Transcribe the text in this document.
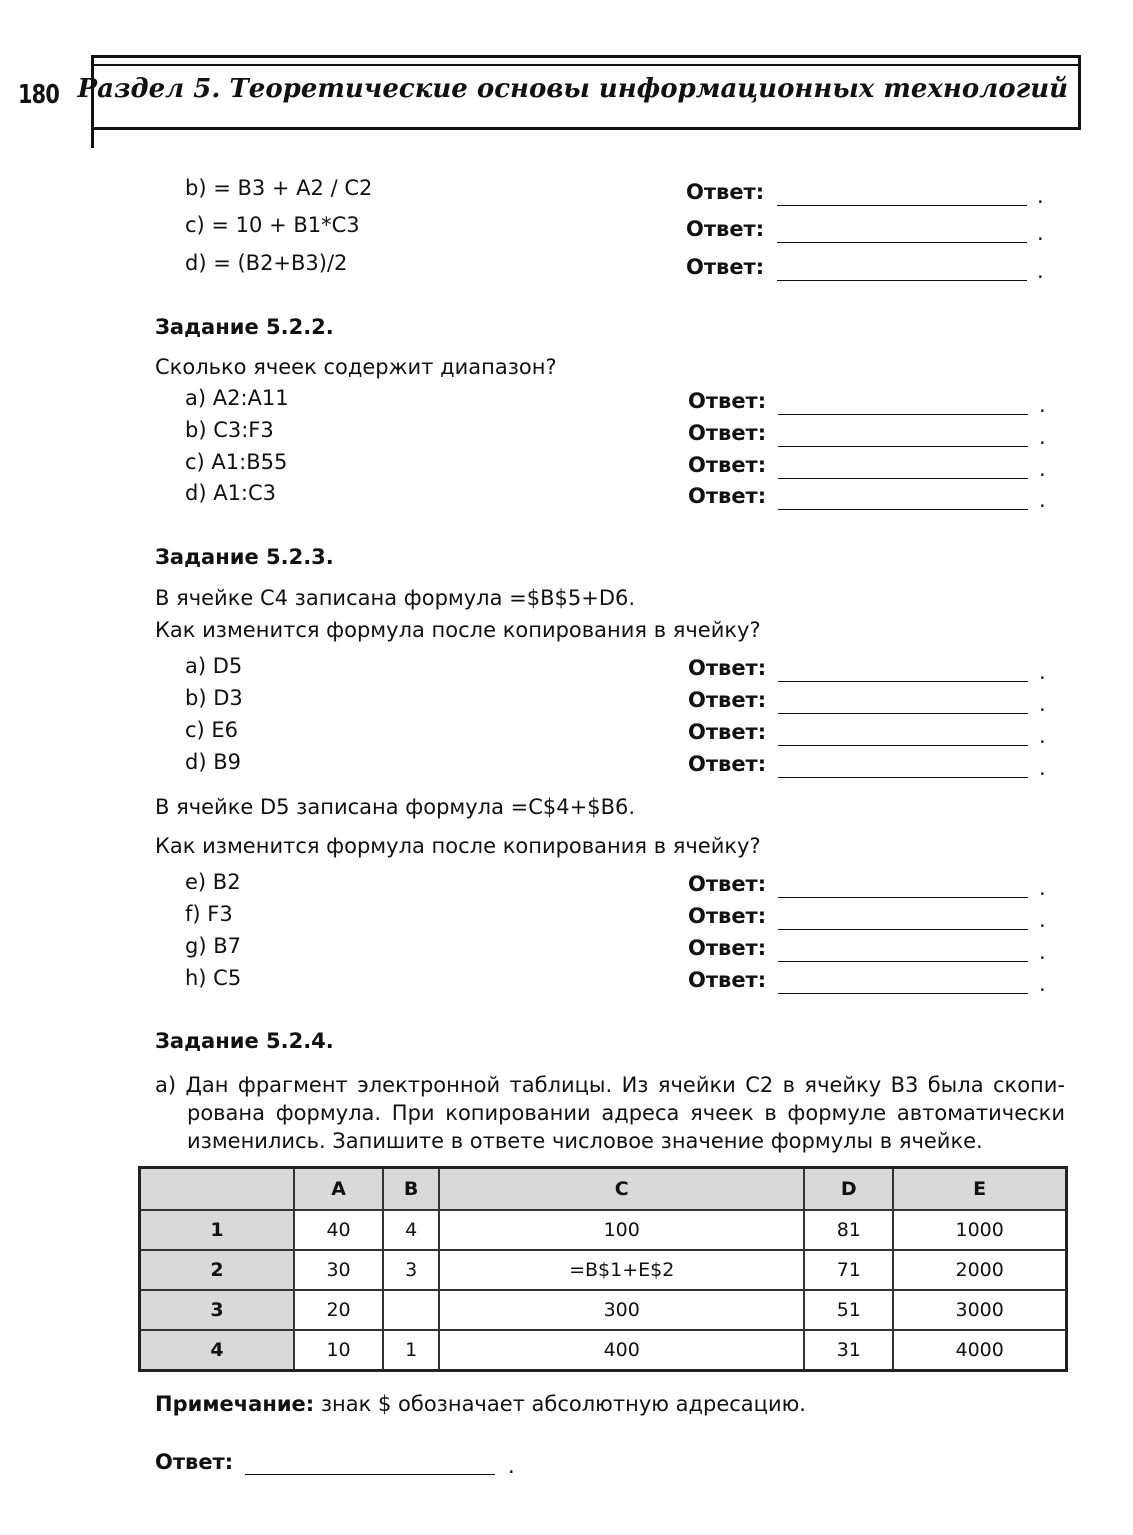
180 Раздел 5. Теоретические основы информационных технологий
b) = B3 + A2 / C2	Ответ:	.
c) = 10 + B1*C3	Ответ:	.
d) = (B2+B3)/2	Ответ:	.
Задание 5.2.2.
Сколько ячеек содержит диапазон?
a) A2:A11	Ответ:	.
b) C3:F3	Ответ:	.
c) A1:B55	Ответ:	.
d) A1:C3	Ответ:	.
Задание 5.2.3.
В ячейке C4 записана формула =$B$5+D6.
Как изменится формула после копирования в ячейку?
a) D5	Ответ:	.
b) D3	Ответ:	.
c) E6	Ответ:	.
d) B9	Ответ:	.
В ячейке D5 записана формула =C$4+$B6.
Как изменится формула после копирования в ячейку?
e) B2	Ответ:	.
f) F3	Ответ:	.
g) B7	Ответ:	.
h) C5	Ответ:	.
Задание 5.2.4.
a) Дан фрагмент электронной таблицы. Из ячейки C2 в ячейку B3 была скопи-
рована формула. При копировании адреса ячеек в формуле автоматически
изменились. Запишите в ответе числовое значение формулы в ячейке.
	A	B	C	D	E
1	40	4	100	81	1000
2	30	3	=B$1+E$2	71	2000
3	20		300	51	3000
4	10	1	400	31	4000
Примечание: знак $ обозначает абсолютную адресацию.
Ответ:	.
